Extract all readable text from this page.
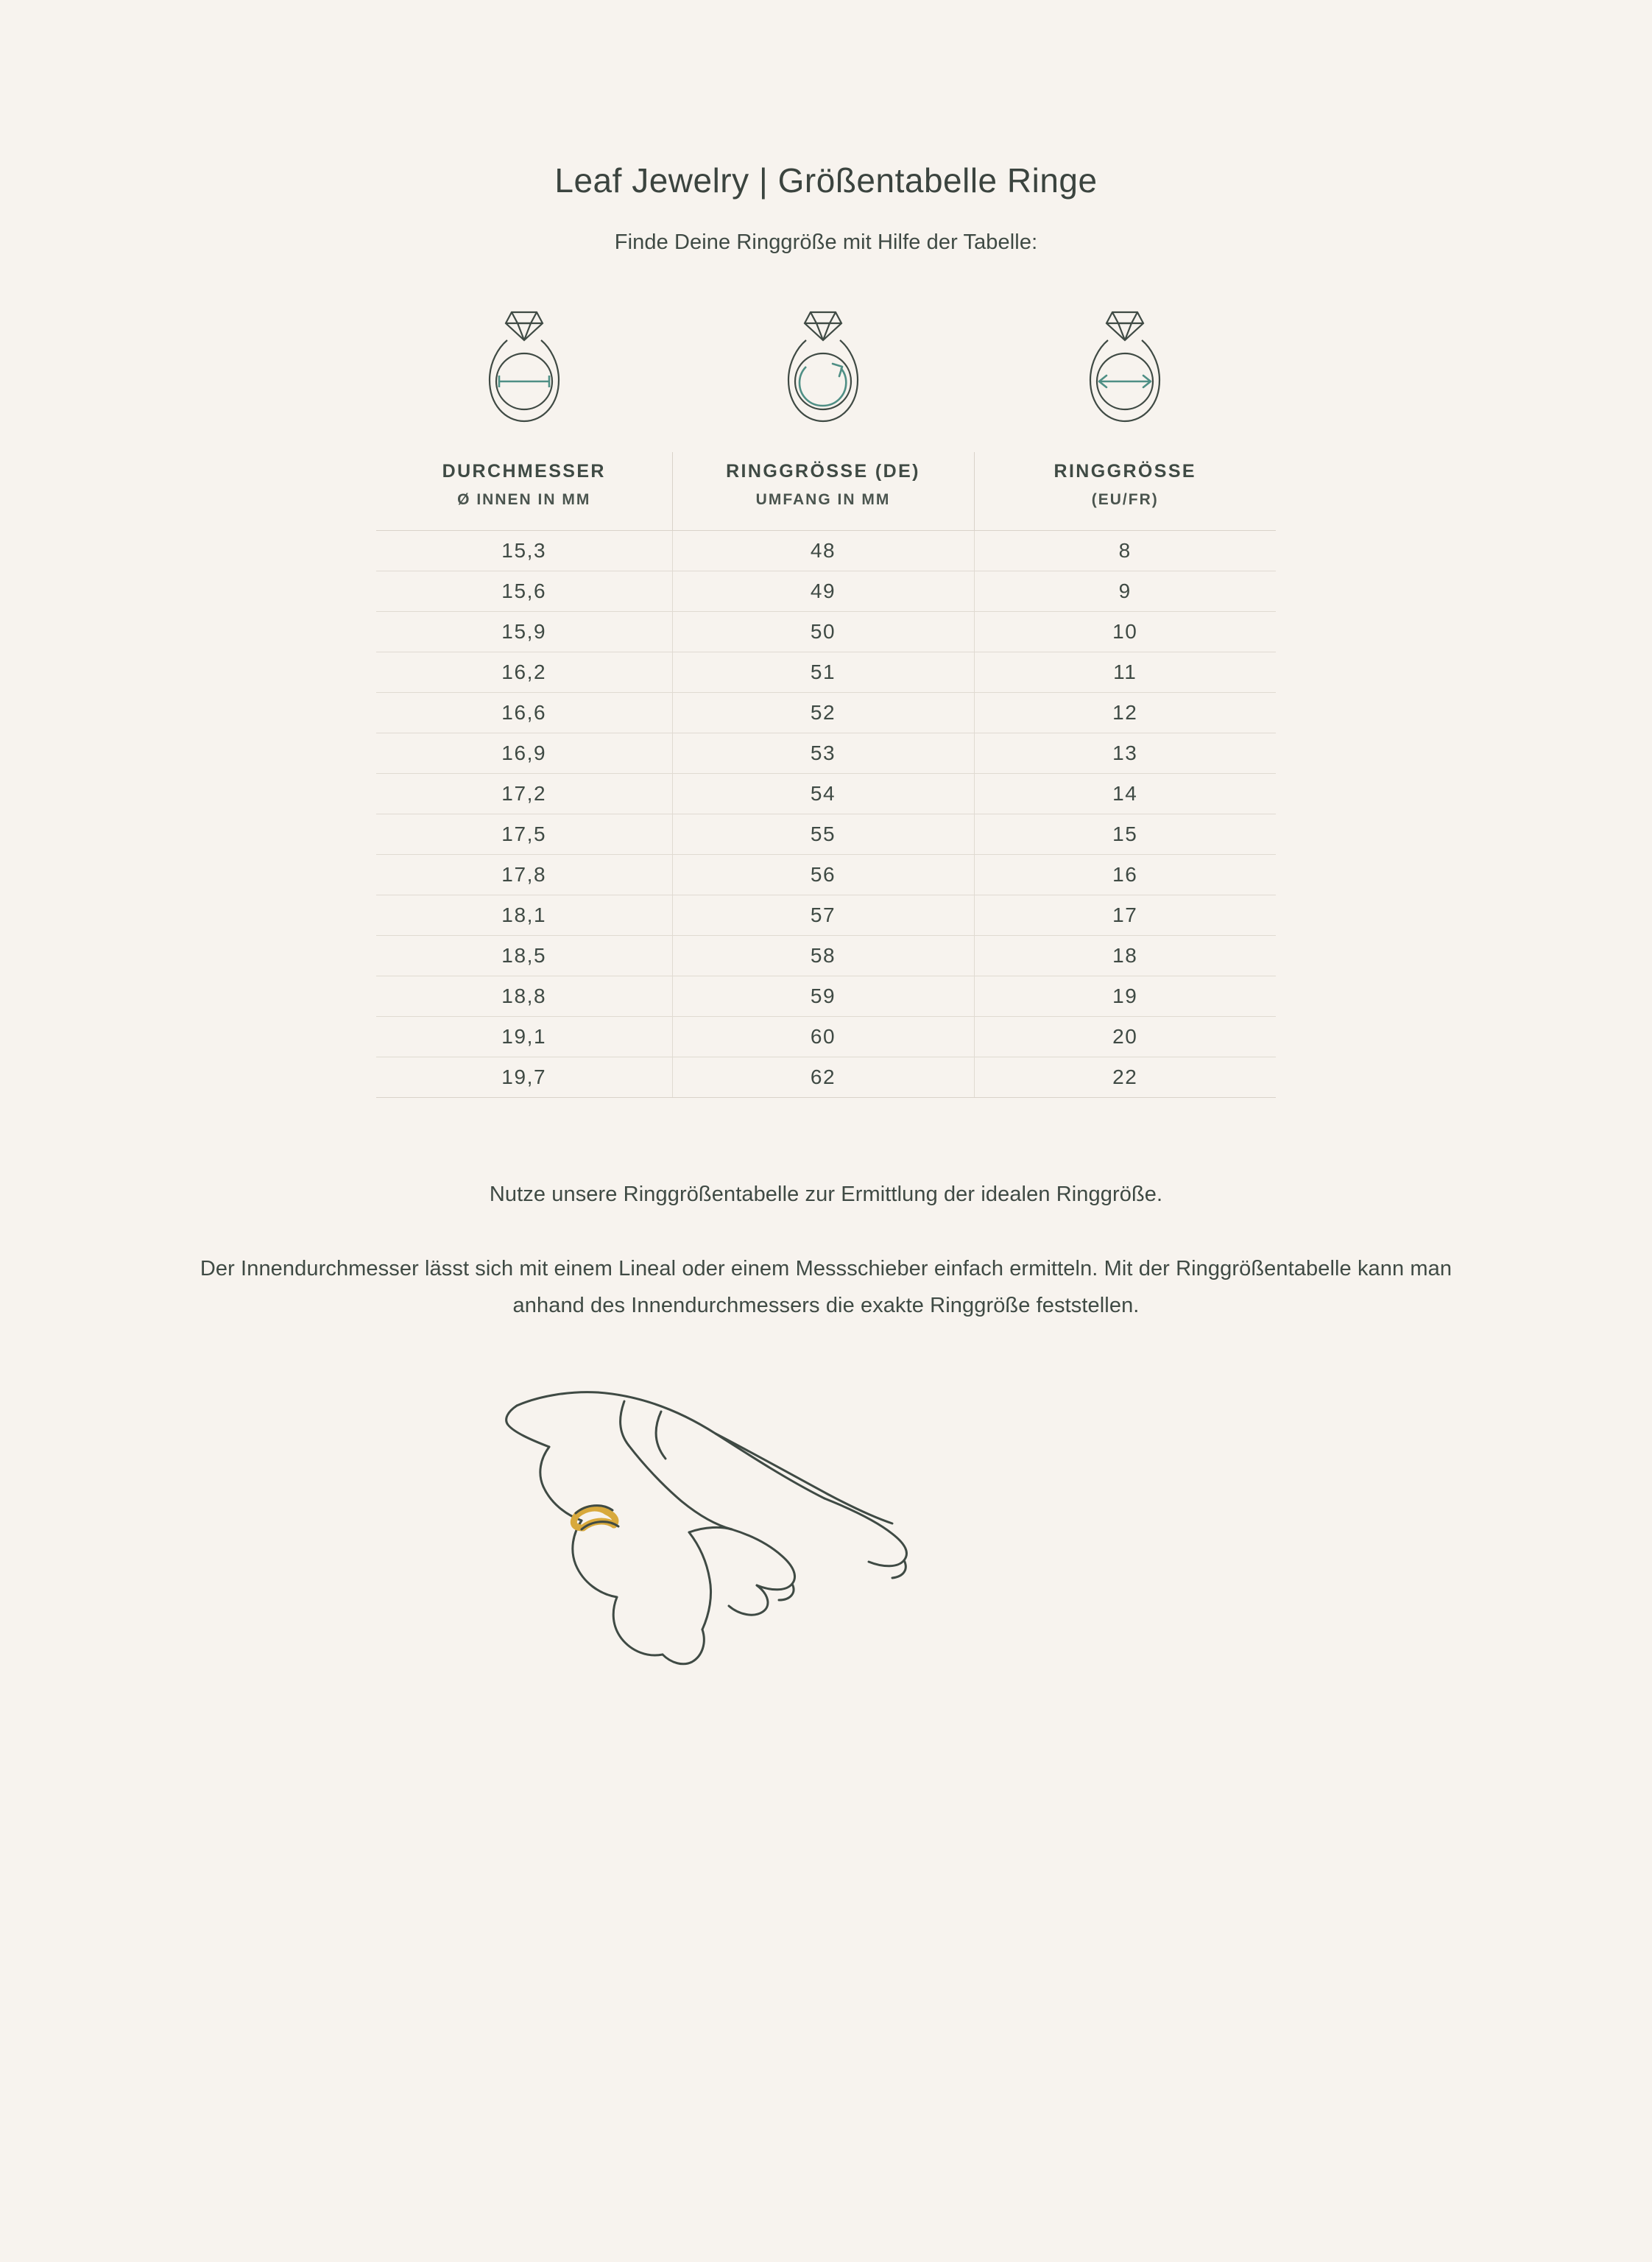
Leaf Jewelry | Größentabelle Ringe

Finde Deine Ringgröße mit Hilfe der Tabelle:

DURCHMESSER
Ø INNEN IN MM

RINGGRÖSSE (DE)
UMFANG IN MM

RINGGRÖSSE
(EU/FR)

15,3	48	8
15,6	49	9
15,9	50	10
16,2	51	11
16,6	52	12
16,9	53	13
17,2	54	14
17,5	55	15
17,8	56	16
18,1	57	17
18,5	58	18
18,8	59	19
19,1	60	20
19,7	62	22

Nutze unsere Ringgrößentabelle zur Ermittlung der idealen Ringgröße.

Der Innendurchmesser lässt sich mit einem Lineal oder einem Messschieber einfach ermitteln. Mit der Ringgrößentabelle kann man anhand des Innendurchmessers die exakte Ringgröße feststellen.
